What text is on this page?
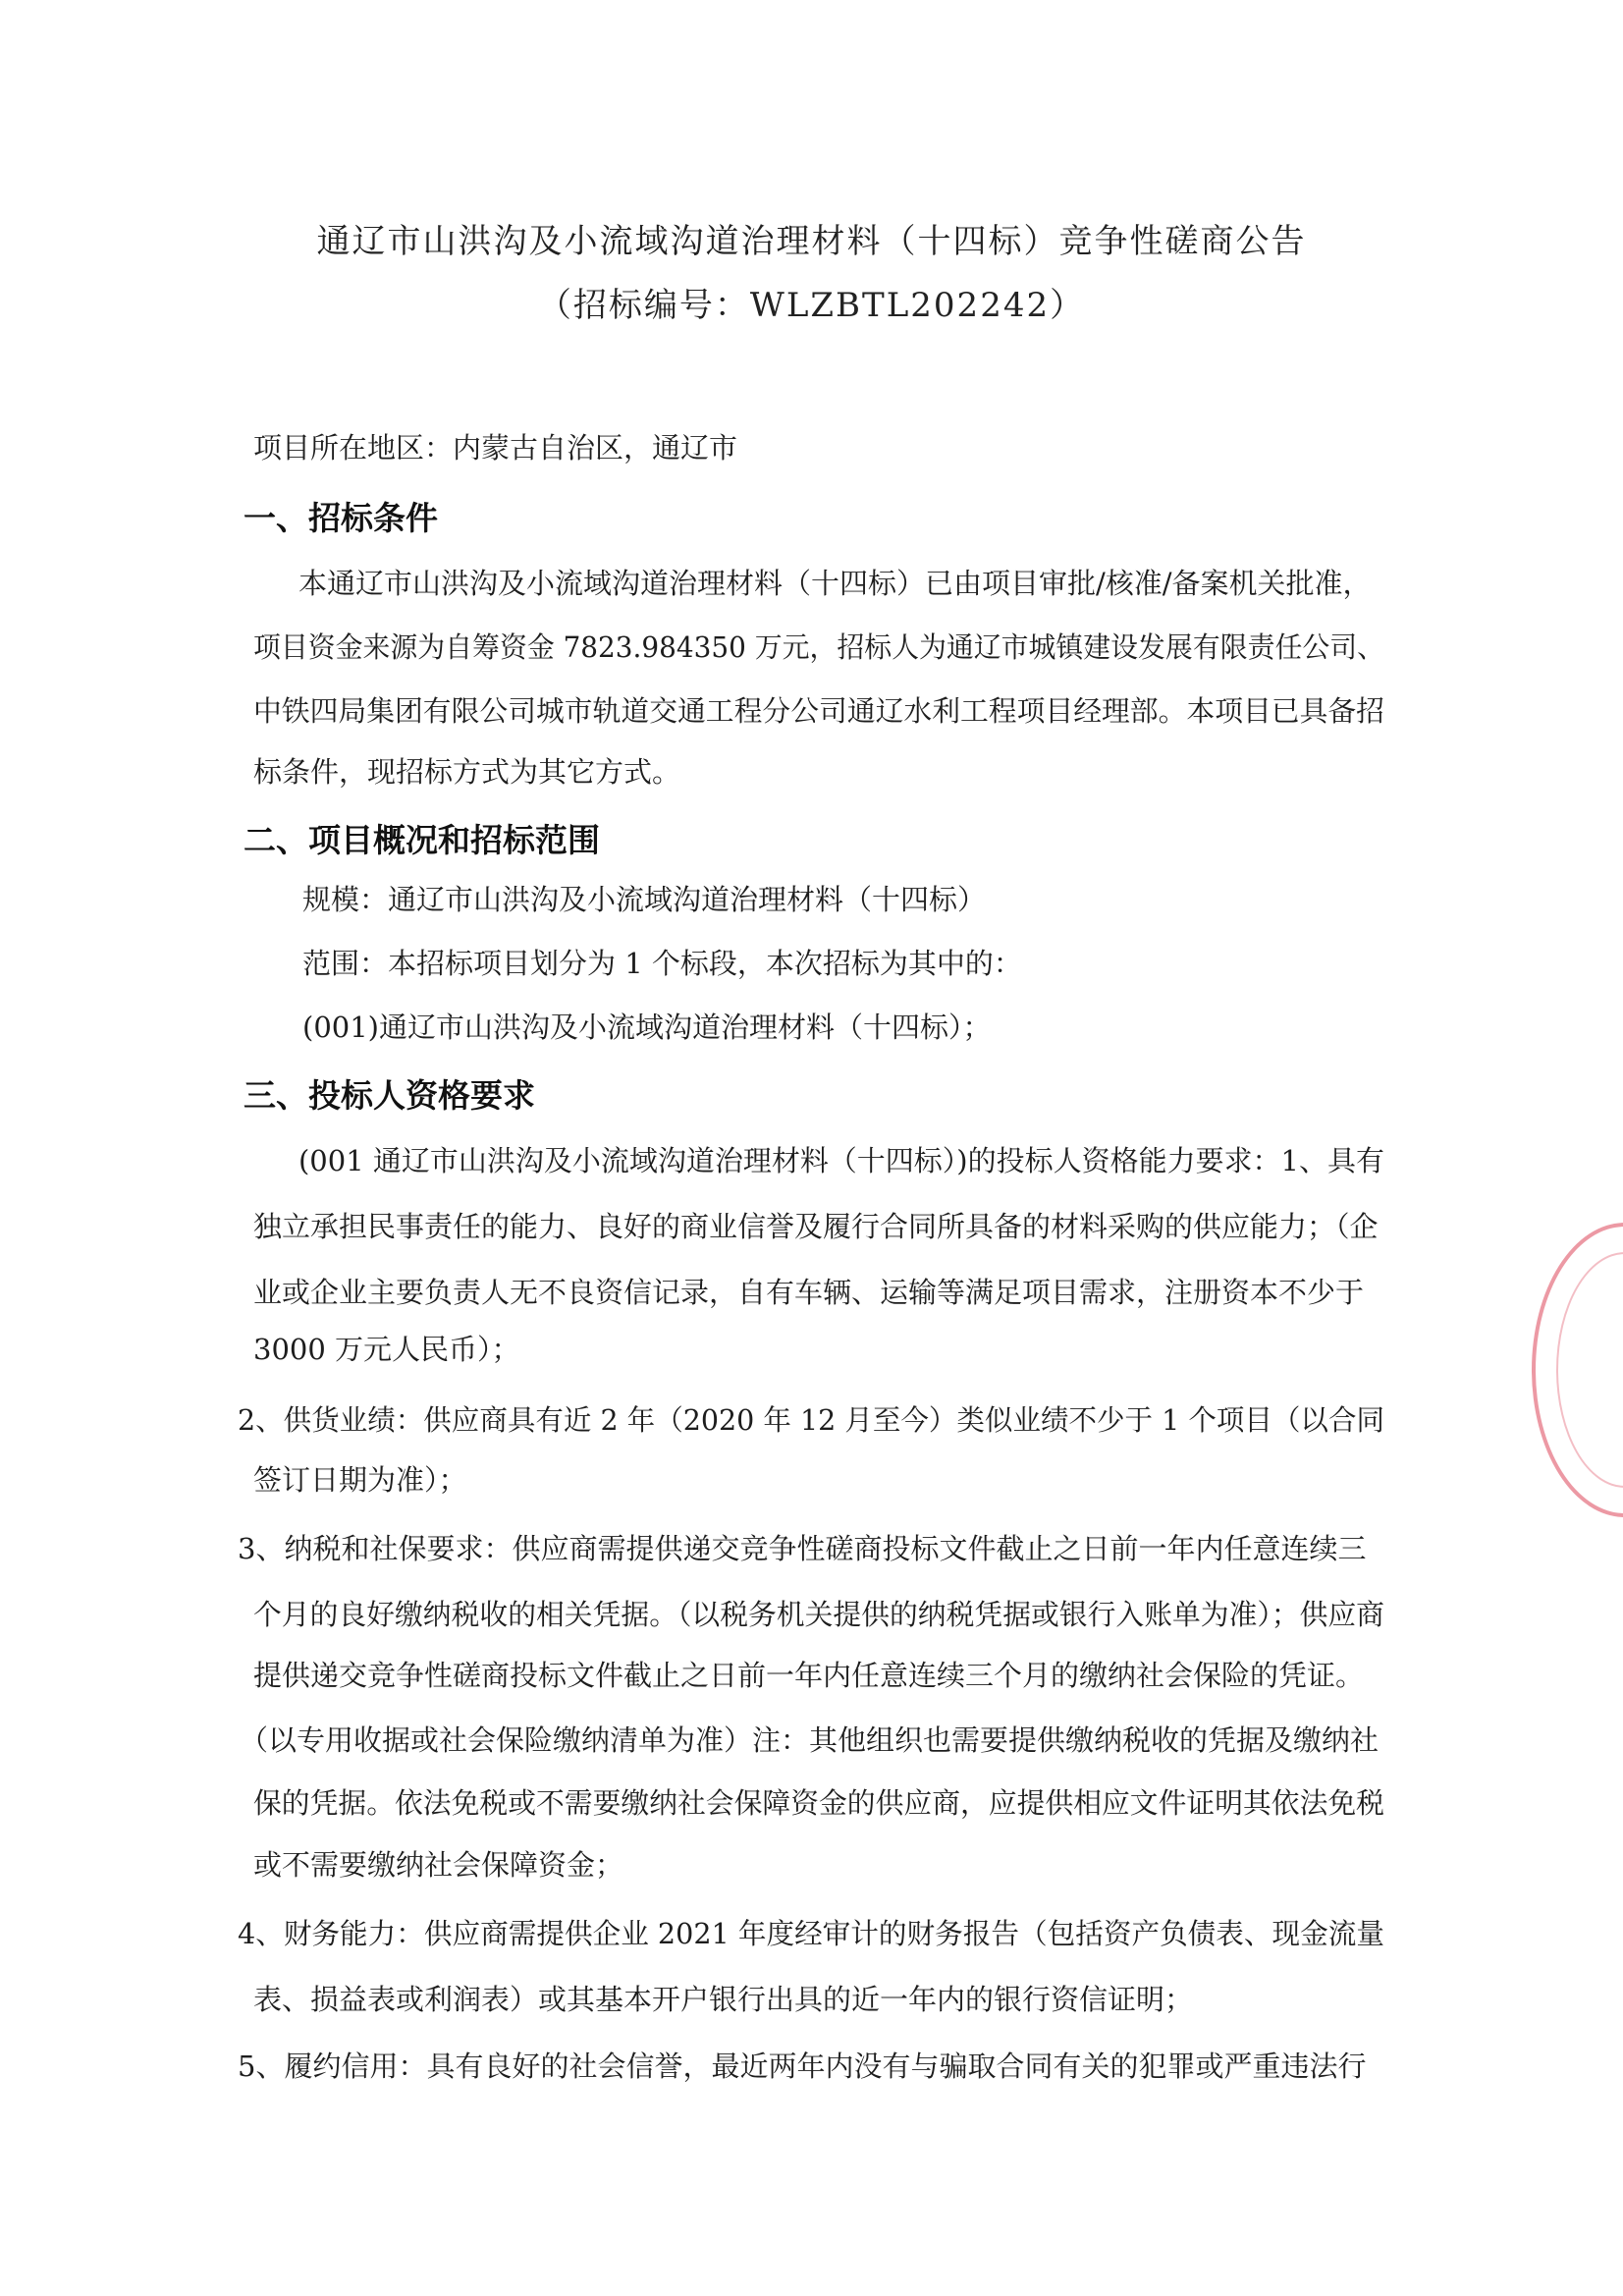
通辽市山洪沟及小流域沟道治理材料（十四标）竞争性磋商公告
（招标编号：WLZBTL202242）
项目所在地区：内蒙古自治区，通辽市
一、招标条件
本通辽市山洪沟及小流域沟道治理材料（十四标）已由项目审批/核准/备案机关批准，
项目资金来源为自筹资金 7823.984350 万元，招标人为通辽市城镇建设发展有限责任公司、
中铁四局集团有限公司城市轨道交通工程分公司通辽水利工程项目经理部。本项目已具备招
标条件，现招标方式为其它方式。
二、项目概况和招标范围
规模：通辽市山洪沟及小流域沟道治理材料（十四标）
范围：本招标项目划分为 1 个标段，本次招标为其中的：
(001)通辽市山洪沟及小流域沟道治理材料（十四标）；
三、投标人资格要求
(001 通辽市山洪沟及小流域沟道治理材料（十四标）)的投标人资格能力要求：1、具有
独立承担民事责任的能力、良好的商业信誉及履行合同所具备的材料采购的供应能力；（企
业或企业主要负责人无不良资信记录，自有车辆、运输等满足项目需求，注册资本不少于
3000 万元人民币）；
2、供货业绩：供应商具有近 2 年（2020 年 12 月至今）类似业绩不少于 1 个项目（以合同
签订日期为准）；
3、纳税和社保要求：供应商需提供递交竞争性磋商投标文件截止之日前一年内任意连续三
个月的良好缴纳税收的相关凭据。（以税务机关提供的纳税凭据或银行入账单为准）；供应商
提供递交竞争性磋商投标文件截止之日前一年内任意连续三个月的缴纳社会保险的凭证。
（以专用收据或社会保险缴纳清单为准）注：其他组织也需要提供缴纳税收的凭据及缴纳社
保的凭据。依法免税或不需要缴纳社会保障资金的供应商，应提供相应文件证明其依法免税
或不需要缴纳社会保障资金；
4、财务能力：供应商需提供企业 2021 年度经审计的财务报告（包括资产负债表、现金流量
表、损益表或利润表）或其基本开户银行出具的近一年内的银行资信证明；
5、履约信用：具有良好的社会信誉，最近两年内没有与骗取合同有关的犯罪或严重违法行
